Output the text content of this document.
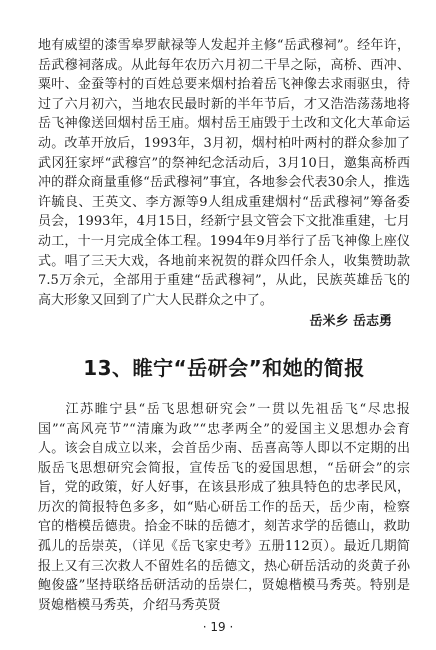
地有威望的漆雪皋罗献禄等人发起并主修“岳武穆祠”。经年许，岳武穆祠落成。从此每年农历六月初二干旱之际，高桥、西冲、粟叶、金蚕等村的百姓总要来烟村抬着岳飞神像去求雨驱虫，待过了六月初六，当地农民最时新的半年节后，才又浩浩荡荡地将岳飞神像送回烟村岳王庙。烟村岳王庙毁于土改和文化大革命运动。改革开放后，1993年，3月初，烟村柏叶两村的群众参加了武冈狂家坪“武穆宫”的祭神纪念活动后，3月10日，邀集高桥西冲的群众商量重修“岳武穆祠”事宜，各地参会代表30余人，推选许毓良、王英文、李方源等9人组成重建烟村“岳武穆祠”筹备委员会，1993年，4月15日，经新宁县文管会下文批准重建，七月动工，十一月完成全体工程。1994年9月举行了岳飞神像上座仪式。唱了三天大戏，各地前来祝贺的群众四仟余人，收集赞助款7.5万余元，全部用于重建“岳武穆祠”，从此，民族英雄岳飞的高大形象又回到了广大人民群众之中了。

岳米乡 岳志勇

13、睢宁“岳研会”和她的简报

江苏睢宁县“岳飞思想研究会”一贯以先祖岳飞“尽忠报国”“高风亮节”“清廉为政”“忠孝两全”的爱国主义思想办会育人。该会自成立以来，会首岳少南、岳喜高等人即以不定期的出版岳飞思想研究会简报，宣传岳飞的爱国思想，“岳研会”的宗旨，党的政策，好人好事，在该县形成了独具特色的忠孝民风，历次的简报特色多多，如“贴心研岳工作的岳天，岳少南，检察官的楷模岳德贵。拾金不昧的岳德才，刻苦求学的岳德山，救助孤儿的岳崇英，（详见《岳飞家史考》五册112页）。最近几期简报上又有三次救人不留姓名的岳德文，热心研岳活动的炎黄子孙鲍俊盛”坚持联络岳研活动的岳崇仁，贤媳楷模马秀英。特别是贤媳楷模马秀英，介绍马秀英贤

· 19 ·
